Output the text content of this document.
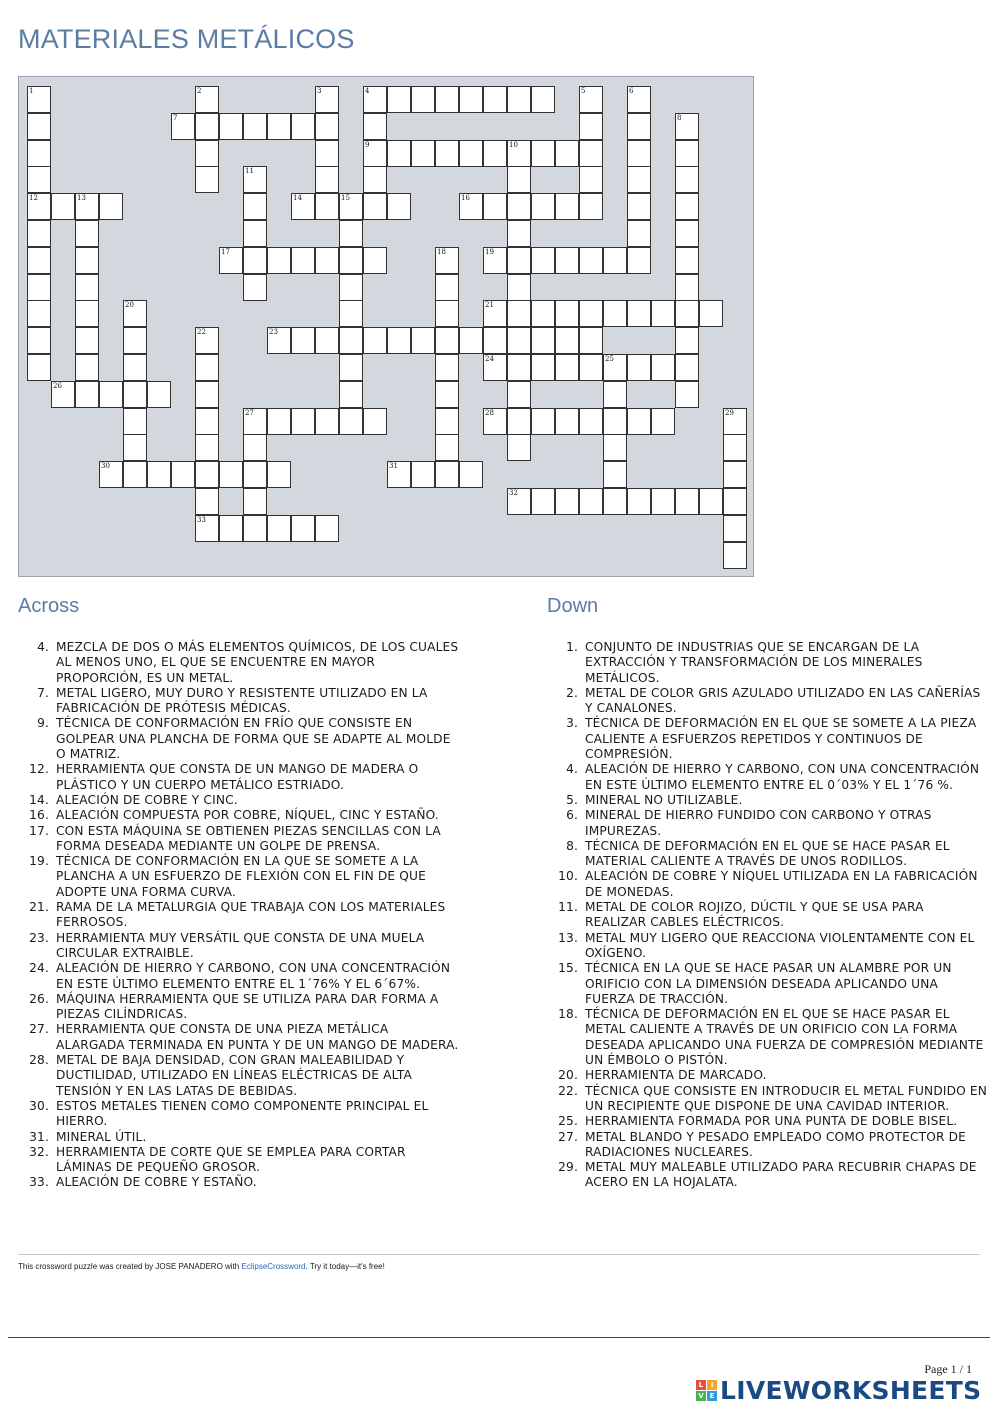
MATERIALES METÁLICOS
1	2	3	4	5	6
7	8
9	10
11
12	13	14	15	16
17	18	19
20	21
22	23
24	25
26
27	28	29
30	31
32
33
Across	Down
4. MEZCLA DE DOS O MÁS ELEMENTOS QUÍMICOS, DE LOS CUALES AL MENOS UNO, EL QUE SE ENCUENTRE EN MAYOR PROPORCIÓN, ES UN METAL.
7. METAL LIGERO, MUY DURO Y RESISTENTE UTILIZADO EN LA FABRICACIÓN DE PRÓTESIS MÉDICAS.
9. TÉCNICA DE CONFORMACIÓN EN FRÍO QUE CONSISTE EN GOLPEAR UNA PLANCHA DE FORMA QUE SE ADAPTE AL MOLDE O MATRIZ.
12. HERRAMIENTA QUE CONSTA DE UN MANGO DE MADERA O PLÁSTICO Y UN CUERPO METÁLICO ESTRIADO.
14. ALEACIÓN DE COBRE Y CINC.
16. ALEACIÓN COMPUESTA POR COBRE, NÍQUEL, CINC Y ESTAÑO.
17. CON ESTA MÁQUINA SE OBTIENEN PIEZAS SENCILLAS CON LA FORMA DESEADA MEDIANTE UN GOLPE DE PRENSA.
19. TÉCNICA DE CONFORMACIÓN EN LA QUE SE SOMETE A LA PLANCHA A UN ESFUERZO DE FLEXIÓN CON EL FIN DE QUE ADOPTE UNA FORMA CURVA.
21. RAMA DE LA METALURGIA QUE TRABAJA CON LOS MATERIALES FERROSOS.
23. HERRAMIENTA MUY VERSÁTIL QUE CONSTA DE UNA MUELA CIRCULAR EXTRAIBLE.
24. ALEACIÓN DE HIERRO Y CARBONO, CON UNA CONCENTRACIÓN EN ESTE ÚLTIMO ELEMENTO ENTRE EL 1´76% Y EL 6´67%.
26. MÁQUINA HERRAMIENTA QUE SE UTILIZA PARA DAR FORMA A PIEZAS CILÍNDRICAS.
27. HERRAMIENTA QUE CONSTA DE UNA PIEZA METÁLICA ALARGADA TERMINADA EN PUNTA Y DE UN MANGO DE MADERA.
28. METAL DE BAJA DENSIDAD, CON GRAN MALEABILIDAD Y DUCTILIDAD, UTILIZADO EN LÍNEAS ELÉCTRICAS DE ALTA TENSIÓN Y EN LAS LATAS DE BEBIDAS.
30. ESTOS METALES TIENEN COMO COMPONENTE PRINCIPAL EL HIERRO.
31. MINERAL ÚTIL.
32. HERRAMIENTA DE CORTE QUE SE EMPLEA PARA CORTAR LÁMINAS DE PEQUEÑO GROSOR.
33. ALEACIÓN DE COBRE Y ESTAÑO.
1. CONJUNTO DE INDUSTRIAS QUE SE ENCARGAN DE LA EXTRACCIÓN Y TRANSFORMACIÓN DE LOS MINERALES METÁLICOS.
2. METAL DE COLOR GRIS AZULADO UTILIZADO EN LAS CAÑERÍAS Y CANALONES.
3. TÉCNICA DE DEFORMACIÓN EN EL QUE SE SOMETE A LA PIEZA CALIENTE A ESFUERZOS REPETIDOS Y CONTINUOS DE COMPRESIÓN.
4. ALEACIÓN DE HIERRO Y CARBONO, CON UNA CONCENTRACIÓN EN ESTE ÚLTIMO ELEMENTO ENTRE EL 0´03% Y EL 1´76 %.
5. MINERAL NO UTILIZABLE.
6. MINERAL DE HIERRO FUNDIDO CON CARBONO Y OTRAS IMPUREZAS.
8. TÉCNICA DE DEFORMACIÓN EN EL QUE SE HACE PASAR EL MATERIAL CALIENTE A TRAVÉS DE UNOS RODILLOS.
10. ALEACIÓN DE COBRE Y NÍQUEL UTILIZADA EN LA FABRICACIÓN DE MONEDAS.
11. METAL DE COLOR ROJIZO, DÚCTIL Y QUE SE USA PARA REALIZAR CABLES ELÉCTRICOS.
13. METAL MUY LIGERO QUE REACCIONA VIOLENTAMENTE CON EL OXÍGENO.
15. TÉCNICA EN LA QUE SE HACE PASAR UN ALAMBRE POR UN ORIFICIO CON LA DIMENSIÓN DESEADA APLICANDO UNA FUERZA DE TRACCIÓN.
18. TÉCNICA DE DEFORMACIÓN EN EL QUE SE HACE PASAR EL METAL CALIENTE A TRAVÉS DE UN ORIFICIO CON LA FORMA DESEADA APLICANDO UNA FUERZA DE COMPRESIÓN MEDIANTE UN ÉMBOLO O PISTÓN.
20. HERRAMIENTA DE MARCADO.
22. TÉCNICA QUE CONSISTE EN INTRODUCIR EL METAL FUNDIDO EN UN RECIPIENTE QUE DISPONE DE UNA CAVIDAD INTERIOR.
25. HERRAMIENTA FORMADA POR UNA PUNTA DE DOBLE BISEL.
27. METAL BLANDO Y PESADO EMPLEADO COMO PROTECTOR DE RADIACIONES NUCLEARES.
29. METAL MUY MALEABLE UTILIZADO PARA RECUBRIR CHAPAS DE ACERO EN LA HOJALATA.
This crossword puzzle was created by JOSE PANADERO with EclipseCrossword. Try it today—it's free!
Page 1 / 1
L	I
V E LIVEWORKSHEETS
